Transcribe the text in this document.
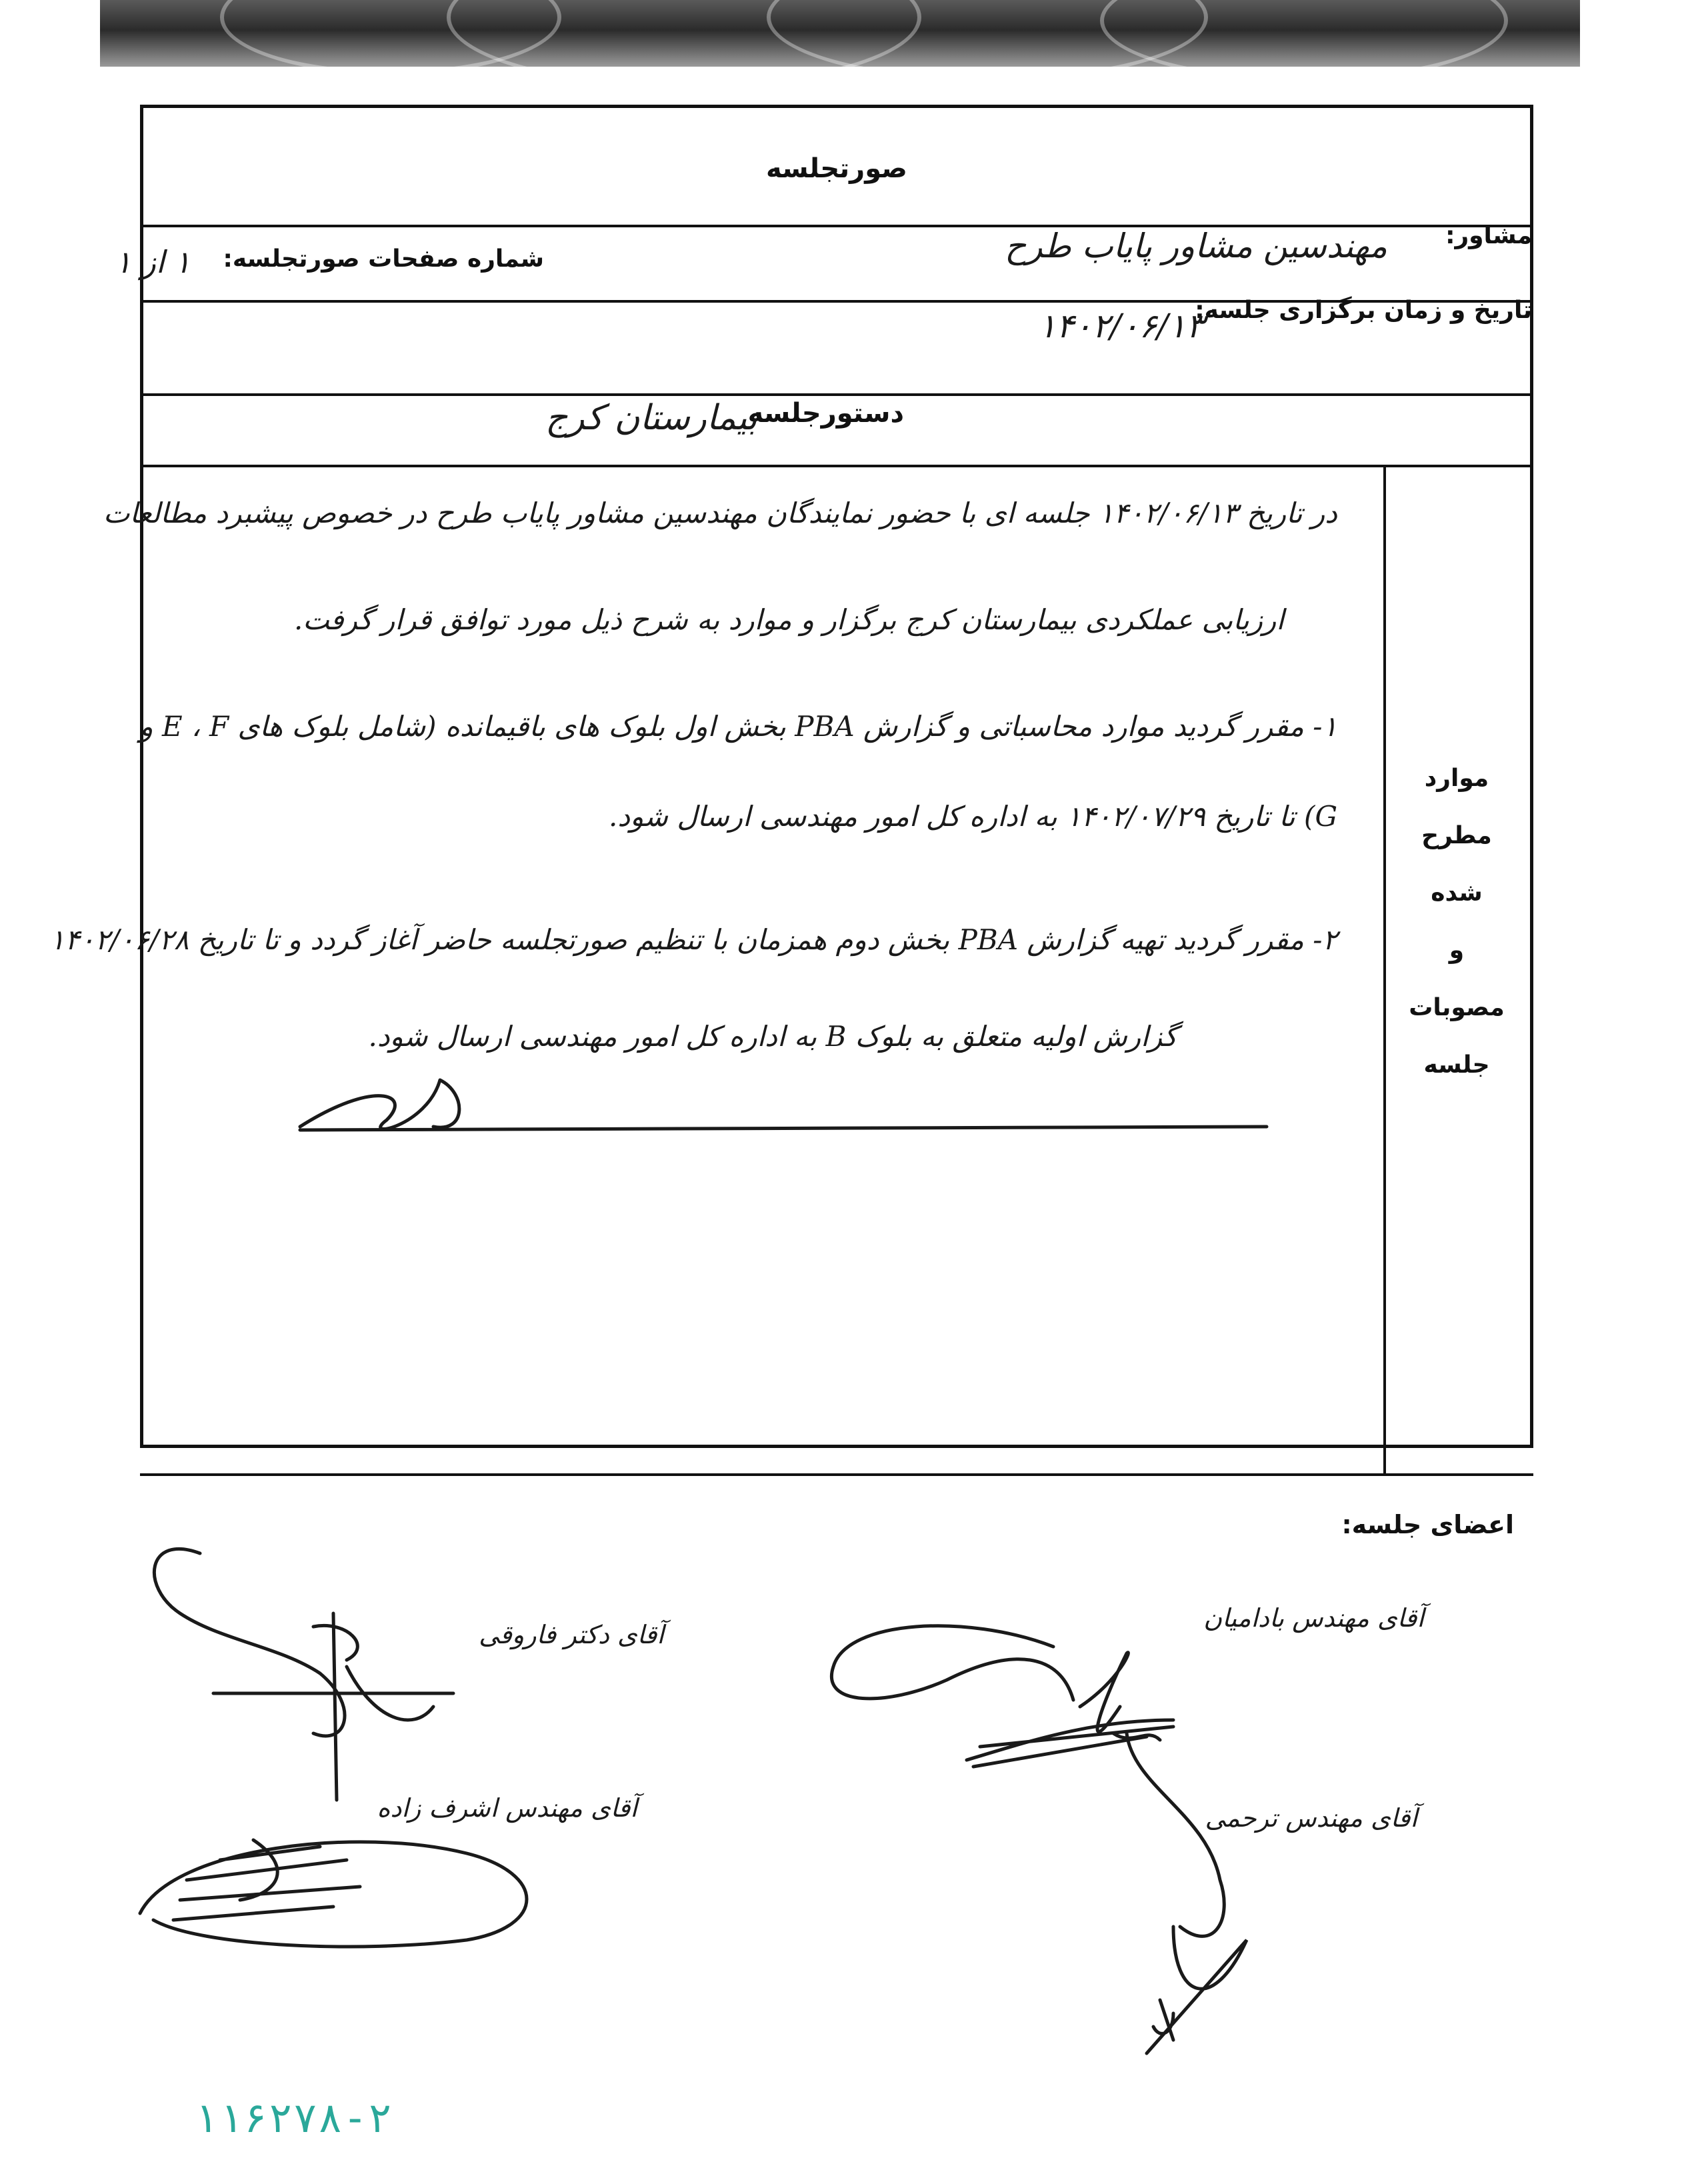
صورتجلسه
مشاور:
مهندسین مشاور پایاب طرح
شماره صفحات صورتجلسه:
۱ از ۱
تاریخ و زمان برگزاری جلسه:
۱۴۰۲/۰۶/۱۳
دستورجلسه
بیمارستان کرج
موارد
مطرح
شده
و
مصوبات
جلسه
در تاریخ ۱۴۰۲/۰۶/۱۳ جلسه ای با حضور نمایندگان مهندسین مشاور پایاب طرح در خصوص پیشبرد مطالعات
ارزیابی عملکردی بیمارستان کرج برگزار و موارد به شرح ذیل مورد توافق قرار گرفت.
۱- مقرر گردید موارد محاسباتی و گزارش PBA بخش اول بلوک های باقیمانده (شامل بلوک های E ، F و
G) تا تاریخ ۱۴۰۲/۰۷/۲۹ به اداره کل امور مهندسی ارسال شود.
۲- مقرر گردید تهیه گزارش PBA بخش دوم همزمان با تنظیم صورتجلسه حاضر آغاز گردد و تا تاریخ ۱۴۰۲/۰۶/۲۸
گزارش اولیه متعلق به بلوک B به اداره کل امور مهندسی ارسال شود.
اعضای جلسه:
آقای دکتر فاروقی
آقای مهندس بادامیان
آقای مهندس اشرف زاده	آقای مهندس ترحمی
۱۱۶۲۷۸-۲
